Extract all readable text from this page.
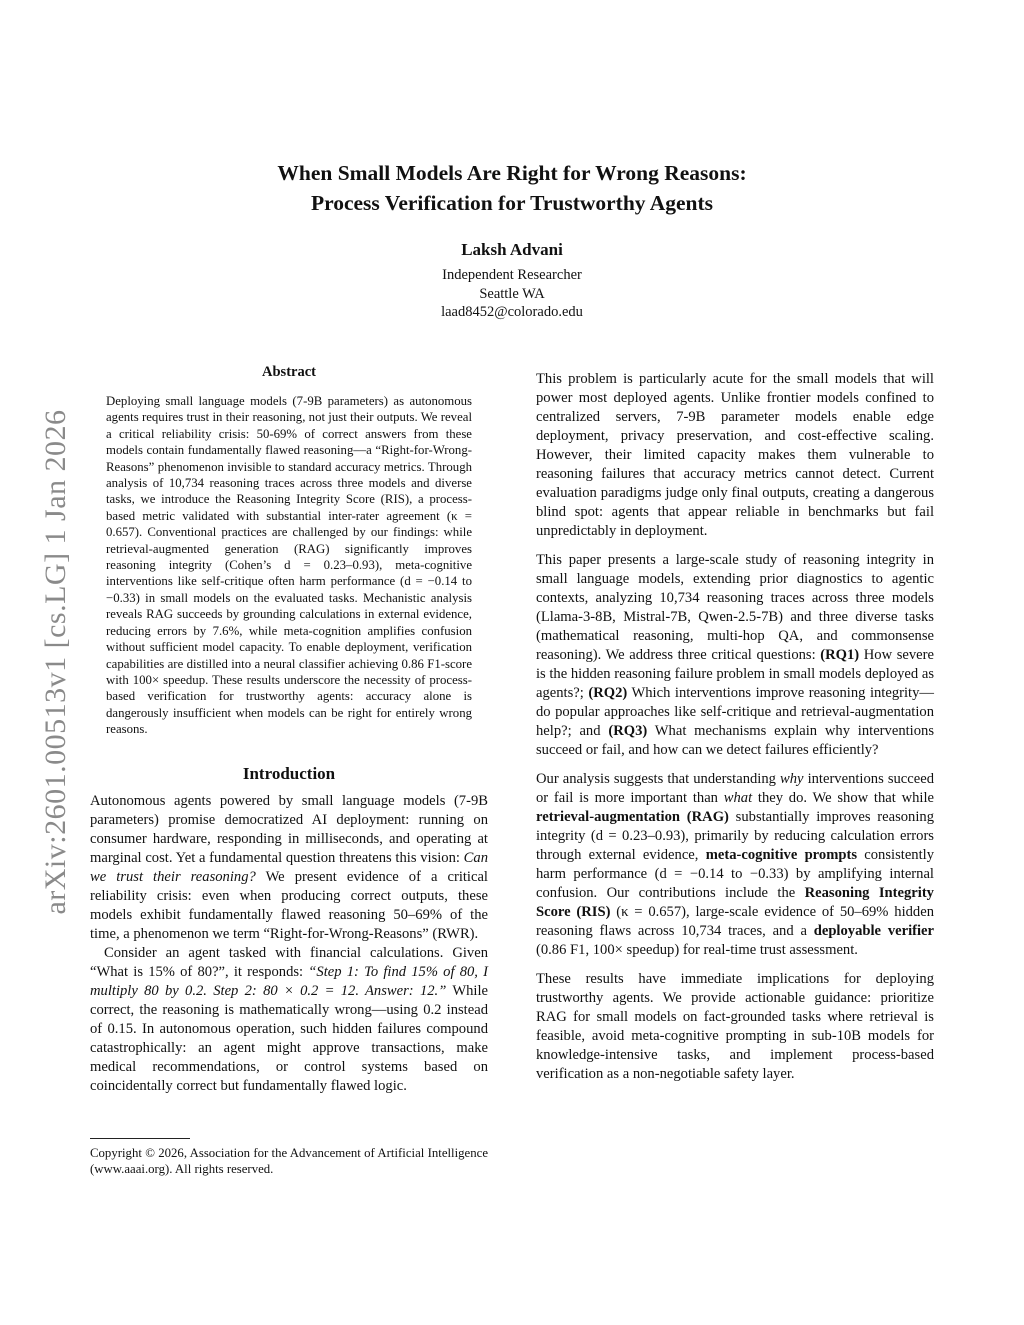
arXiv:2601.00513v1 [cs.LG] 1 Jan 2026
When Small Models Are Right for Wrong Reasons:
Process Verification for Trustworthy Agents
Laksh Advani
Independent Researcher
Seattle WA
laad8452@colorado.edu
Abstract

Deploying small language models (7-9B parameters) as autonomous agents requires trust in their reasoning, not just their outputs. We reveal a critical reliability crisis: 50-69% of correct answers from these models contain fundamentally flawed reasoning—a “Right-for-Wrong-Reasons” phenomenon invisible to standard accuracy metrics. Through analysis of 10,734 reasoning traces across three models and diverse tasks, we introduce the Reasoning Integrity Score (RIS), a process-based metric validated with substantial inter-rater agreement (κ = 0.657). Conventional practices are challenged by our findings: while retrieval-augmented generation (RAG) significantly improves reasoning integrity (Cohen’s d = 0.23–0.93), meta-cognitive interventions like self-critique often harm performance (d = −0.14 to −0.33) in small models on the evaluated tasks. Mechanistic analysis reveals RAG succeeds by grounding calculations in external evidence, reducing errors by 7.6%, while meta-cognition amplifies confusion without sufficient model capacity. To enable deployment, verification capabilities are distilled into a neural classifier achieving 0.86 F1-score with 100× speedup. These results underscore the necessity of process-based verification for trustworthy agents: accuracy alone is dangerously insufficient when models can be right for entirely wrong reasons.

Introduction

Autonomous agents powered by small language models (7-9B parameters) promise democratized AI deployment: running on consumer hardware, responding in milliseconds, and operating at marginal cost. Yet a fundamental question threatens this vision: Can we trust their reasoning? We present evidence of a critical reliability crisis: even when producing correct outputs, these models exhibit fundamentally flawed reasoning 50–69% of the time, a phenomenon we term “Right-for-Wrong-Reasons” (RWR).

Consider an agent tasked with financial calculations. Given “What is 15% of 80?”, it responds: “Step 1: To find 15% of 80, I multiply 80 by 0.2. Step 2: 80 × 0.2 = 12. Answer: 12.” While correct, the reasoning is mathematically wrong—using 0.2 instead of 0.15. In autonomous operation, such hidden failures compound catastrophically: an agent might approve transactions, make medical recommendations, or control systems based on coincidentally correct but fundamentally flawed logic.

Copyright © 2026, Association for the Advancement of Artificial Intelligence (www.aaai.org). All rights reserved.

This problem is particularly acute for the small models that will power most deployed agents. Unlike frontier models confined to centralized servers, 7-9B parameter models enable edge deployment, privacy preservation, and cost-effective scaling. However, their limited capacity makes them vulnerable to reasoning failures that accuracy metrics cannot detect. Current evaluation paradigms judge only final outputs, creating a dangerous blind spot: agents that appear reliable in benchmarks but fail unpredictably in deployment.

This paper presents a large-scale study of reasoning integrity in small language models, extending prior diagnostics to agentic contexts, analyzing 10,734 reasoning traces across three models (Llama-3-8B, Mistral-7B, Qwen-2.5-7B) and three diverse tasks (mathematical reasoning, multi-hop QA, and commonsense reasoning). We address three critical questions: (RQ1) How severe is the hidden reasoning failure problem in small models deployed as agents?; (RQ2) Which interventions improve reasoning integrity—do popular approaches like self-critique and retrieval-augmentation help?; and (RQ3) What mechanisms explain why interventions succeed or fail, and how can we detect failures efficiently?

Our analysis suggests that understanding why interventions succeed or fail is more important than what they do. We show that while retrieval-augmentation (RAG) substantially improves reasoning integrity (d = 0.23–0.93), primarily by reducing calculation errors through external evidence, meta-cognitive prompts consistently harm performance (d = −0.14 to −0.33) by amplifying internal confusion. Our contributions include the Reasoning Integrity Score (RIS) (κ = 0.657), large-scale evidence of 50–69% hidden reasoning flaws across 10,734 traces, and a deployable verifier (0.86 F1, 100× speedup) for real-time trust assessment.

These results have immediate implications for deploying trustworthy agents. We provide actionable guidance: prioritize RAG for small models on fact-grounded tasks where retrieval is feasible, avoid meta-cognitive prompting in sub-10B models for knowledge-intensive tasks, and implement process-based verification as a non-negotiable safety layer.
